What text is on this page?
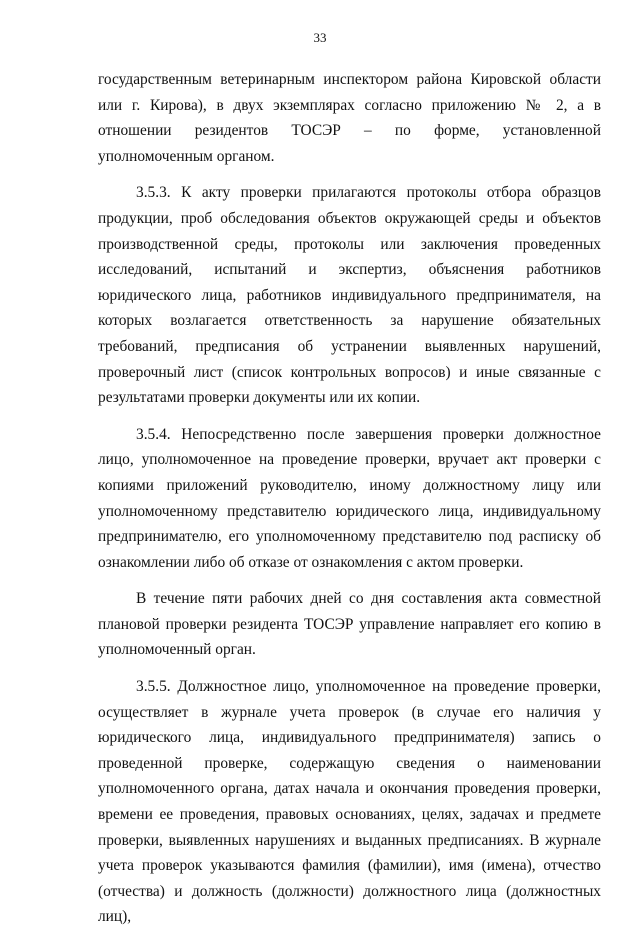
33

государственным ветеринарным инспектором района Кировской области или г. Кирова), в двух экземплярах согласно приложению № 2, а в отношении резидентов ТОСЭР – по форме, установленной уполномоченным органом.

3.5.3. К акту проверки прилагаются протоколы отбора образцов продукции, проб обследования объектов окружающей среды и объектов производственной среды, протоколы или заключения проведенных исследований, испытаний и экспертиз, объяснения работников юридического лица, работников индивидуального предпринимателя, на которых возлагается ответственность за нарушение обязательных требований, предписания об устранении выявленных нарушений, проверочный лист (список контрольных вопросов) и иные связанные с результатами проверки документы или их копии.

3.5.4. Непосредственно после завершения проверки должностное лицо, уполномоченное на проведение проверки, вручает акт проверки с копиями приложений руководителю, иному должностному лицу или уполномоченному представителю юридического лица, индивидуальному предпринимателю, его уполномоченному представителю под расписку об ознакомлении либо об отказе от ознакомления с актом проверки.

В течение пяти рабочих дней со дня составления акта совместной плановой проверки резидента ТОСЭР управление направляет его копию в уполномоченный орган.

3.5.5. Должностное лицо, уполномоченное на проведение проверки, осуществляет в журнале учета проверок (в случае его наличия у юридического лица, индивидуального предпринимателя) запись о проведенной проверке, содержащую сведения о наименовании уполномоченного органа, датах начала и окончания проведения проверки, времени ее проведения, правовых основаниях, целях, задачах и предмете проверки, выявленных нарушениях и выданных предписаниях. В журнале учета проверок указываются фамилия (фамилии), имя (имена), отчество (отчества) и должность (должности) должностного лица (должностных лиц),
